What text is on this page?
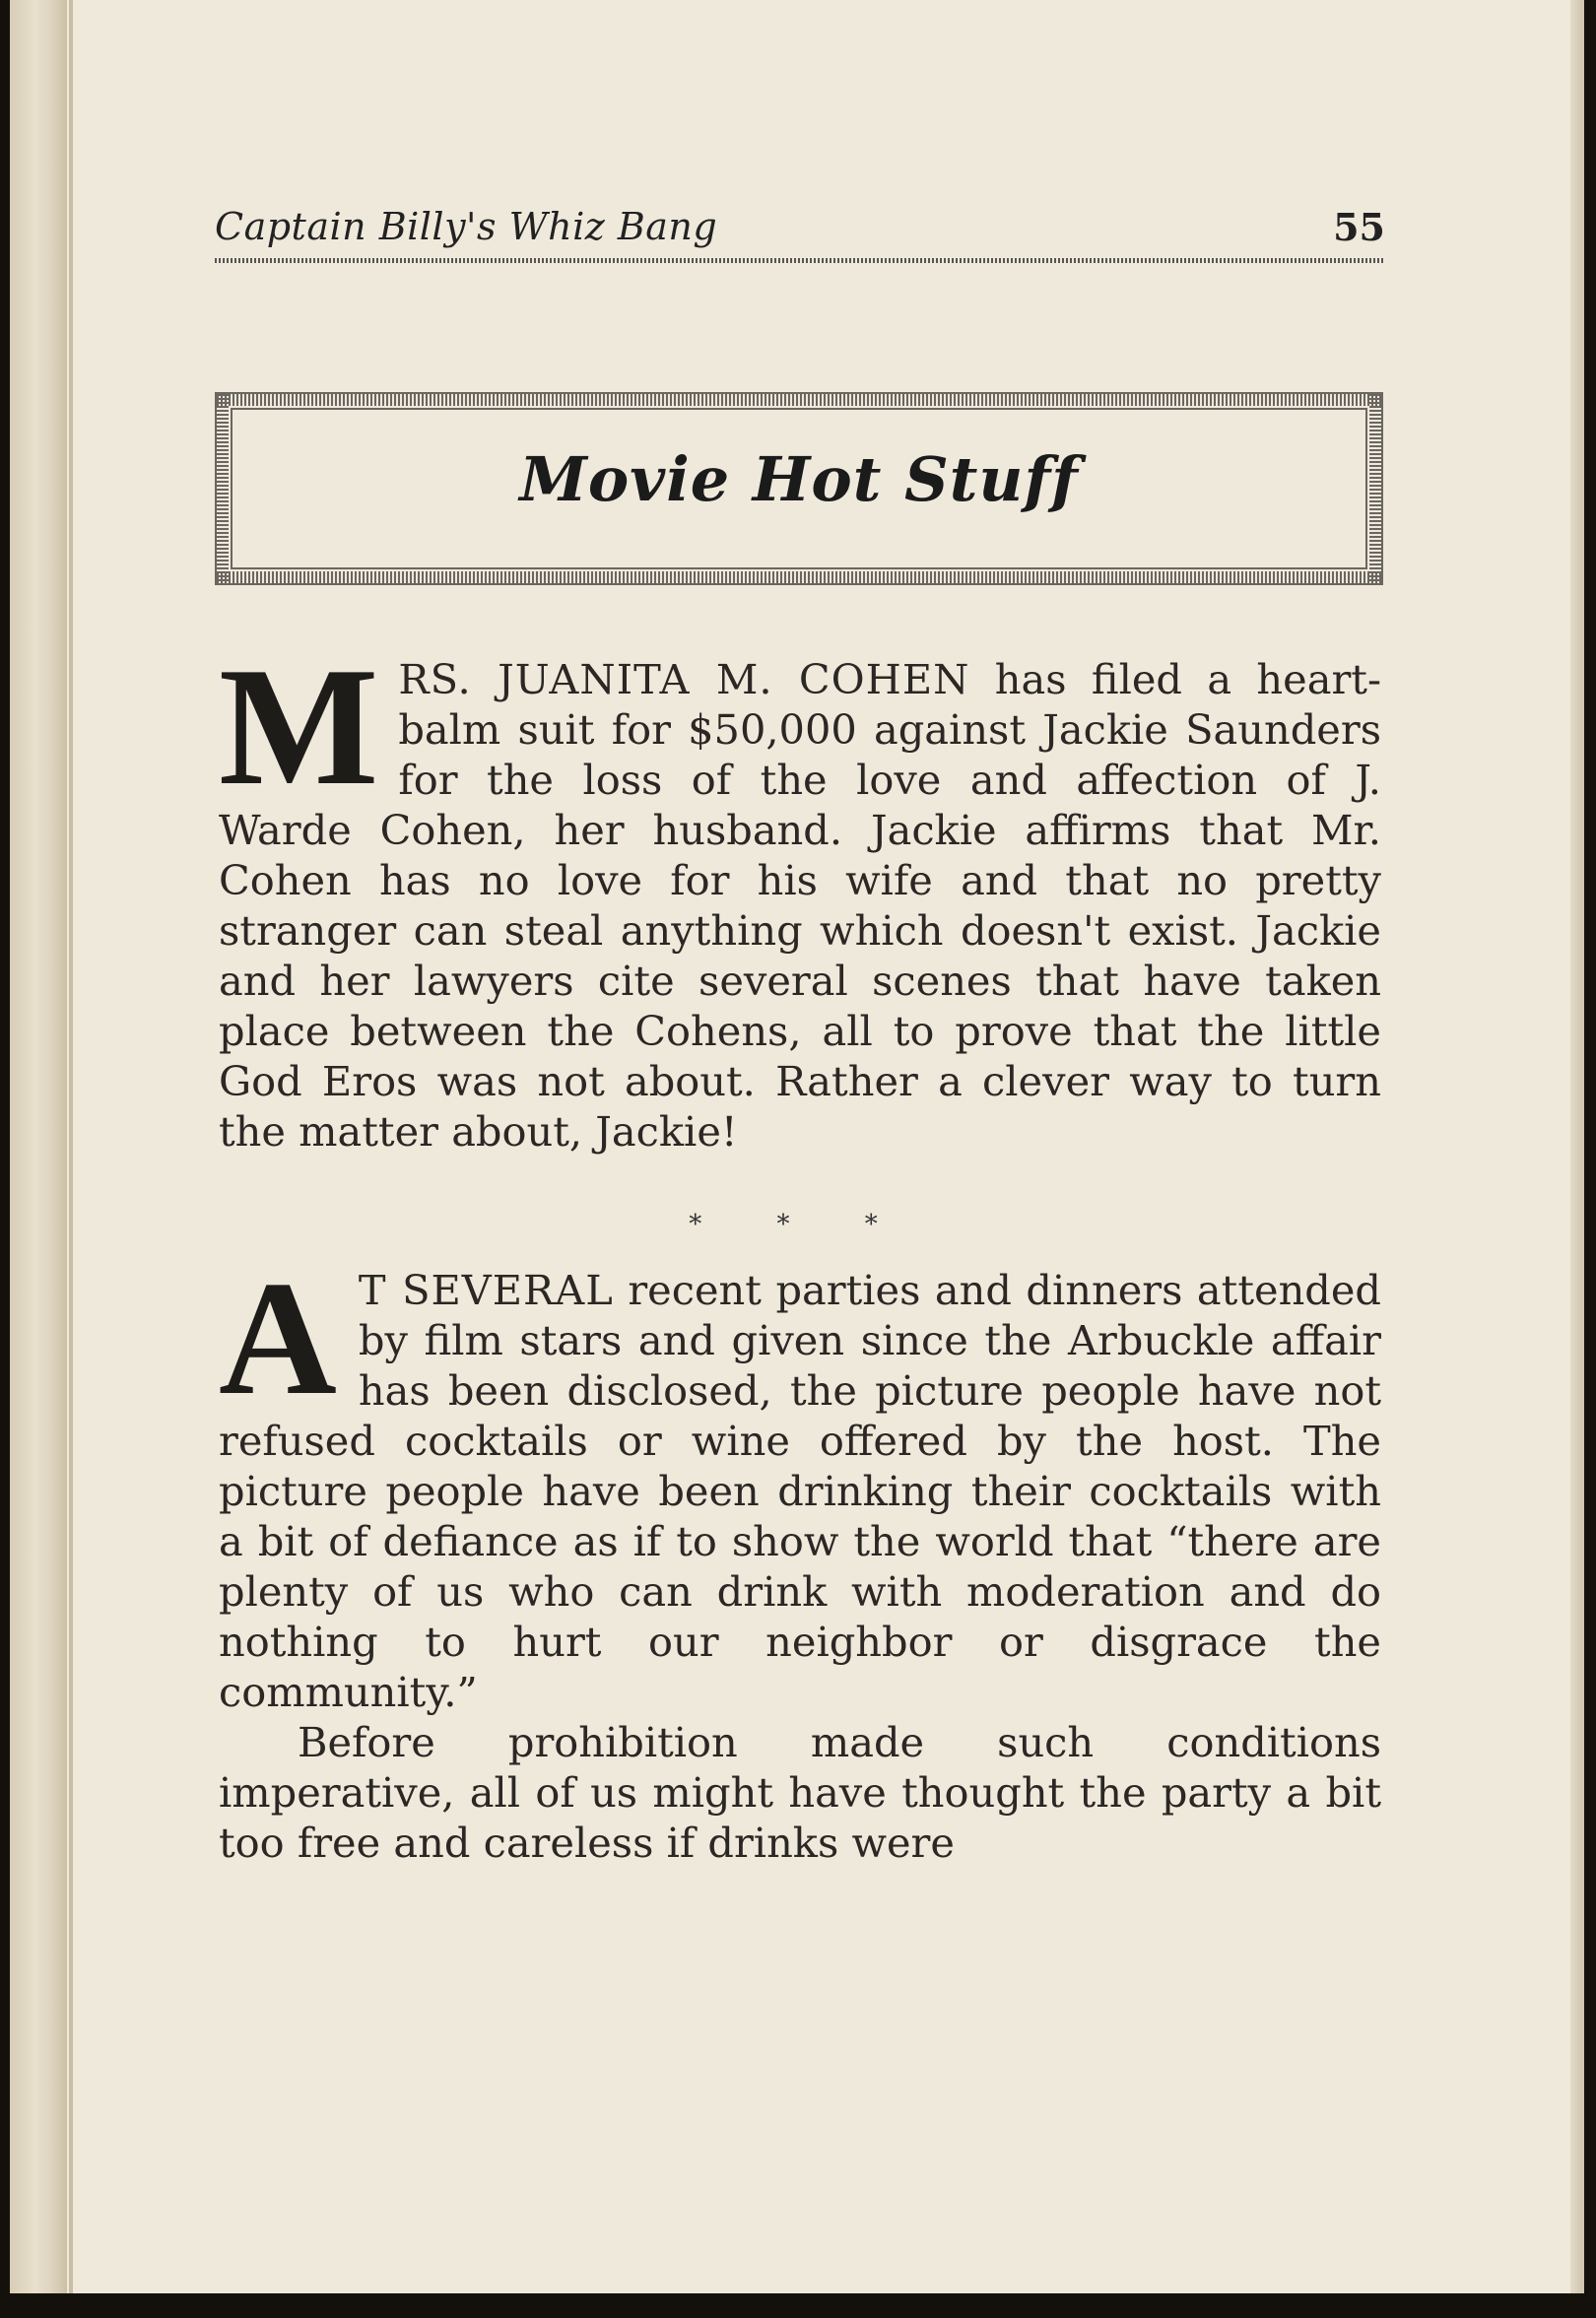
Captain Billy's Whiz Bang	55
Movie Hot Stuff

MRS. JUANITA M. COHEN has filed a heart-balm suit for $50,000 against Jackie Saunders for the loss of the love and affection of J. Warde Cohen, her husband. Jackie affirms that Mr. Cohen has no love for his wife and that no pretty stranger can steal anything which doesn't exist. Jackie and her lawyers cite several scenes that have taken place between the Cohens, all to prove that the little God Eros was not about. Rather a clever way to turn the matter about, Jackie!

* * *

A T SEVERAL recent parties and dinners attended by film stars and given since the Arbuckle affair has been disclosed, the picture people have not refused cocktails or wine offered by the host. The picture people have been drinking their cocktails with a bit of defiance as if to show the world that “there are plenty of us who can drink with moderation and do nothing to hurt our neighbor or disgrace the community.”

Before prohibition made such conditions imperative, all of us might have thought the party a bit too free and careless if drinks were
